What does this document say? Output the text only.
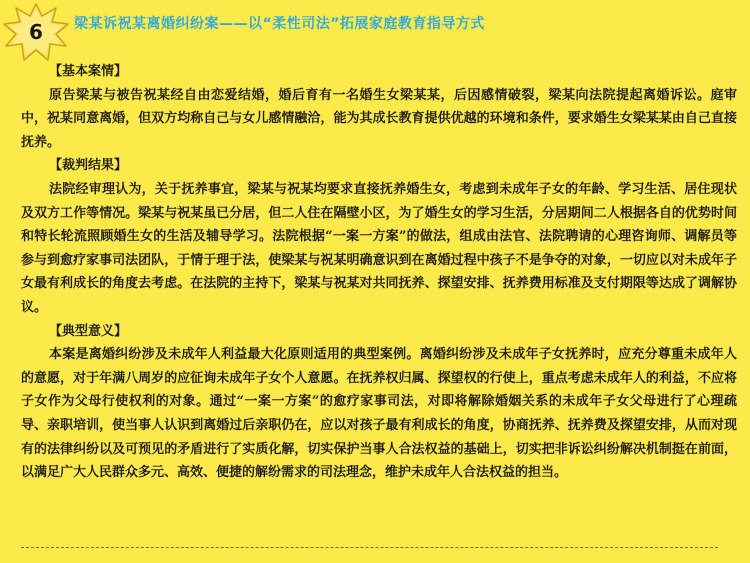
6	梁某诉祝某离婚纠纷案——以“柔性司法”拓展家庭教育指导方式
【基本案情】

原告梁某与被告祝某经自由恋爱结婚，婚后育有一名婚生女梁某某，后因感情破裂，梁某向法院提起离婚诉讼。庭审中，祝某同意离婚，但双方均称自己与女儿感情融洽，能为其成长教育提供优越的环境和条件，要求婚生女梁某某由自己直接抚养。

【裁判结果】

法院经审理认为，关于抚养事宜，梁某与祝某均要求直接抚养婚生女，考虑到未成年子女的年龄、学习生活、居住现状及双方工作等情况。梁某与祝某虽已分居，但二人住在隔壁小区，为了婚生女的学习生活，分居期间二人根据各自的优势时间和特长轮流照顾婚生女的生活及辅导学习。法院根据“一案一方案”的做法，组成由法官、法院聘请的心理咨询师、调解员等参与到愈疗家事司法团队，于情于理于法，使梁某与祝某明确意识到在离婚过程中孩子不是争夺的对象，一切应以对未成年子女最有利成长的角度去考虑。在法院的主持下，梁某与祝某对共同抚养、探望安排、抚养费用标准及支付期限等达成了调解协议。

【典型意义】

本案是离婚纠纷涉及未成年人利益最大化原则适用的典型案例。离婚纠纷涉及未成年子女抚养时，应充分尊重未成年人的意愿，对于年满八周岁的应征询未成年子女个人意愿。在抚养权归属、探望权的行使上，重点考虑未成年人的利益，不应将子女作为父母行使权利的对象。通过“一案一方案”的愈疗家事司法，对即将解除婚姻关系的未成年子女父母进行了心理疏导、亲职培训，使当事人认识到离婚过后亲职仍在，应以对孩子最有利成长的角度，协商抚养、抚养费及探望安排，从而对现有的法律纠纷以及可预见的矛盾进行了实质化解，切实保护当事人合法权益的基础上，切实把非诉讼纠纷解决机制挺在前面，以满足广大人民群众多元、高效、便捷的解纷需求的司法理念，维护未成年人合法权益的担当。
